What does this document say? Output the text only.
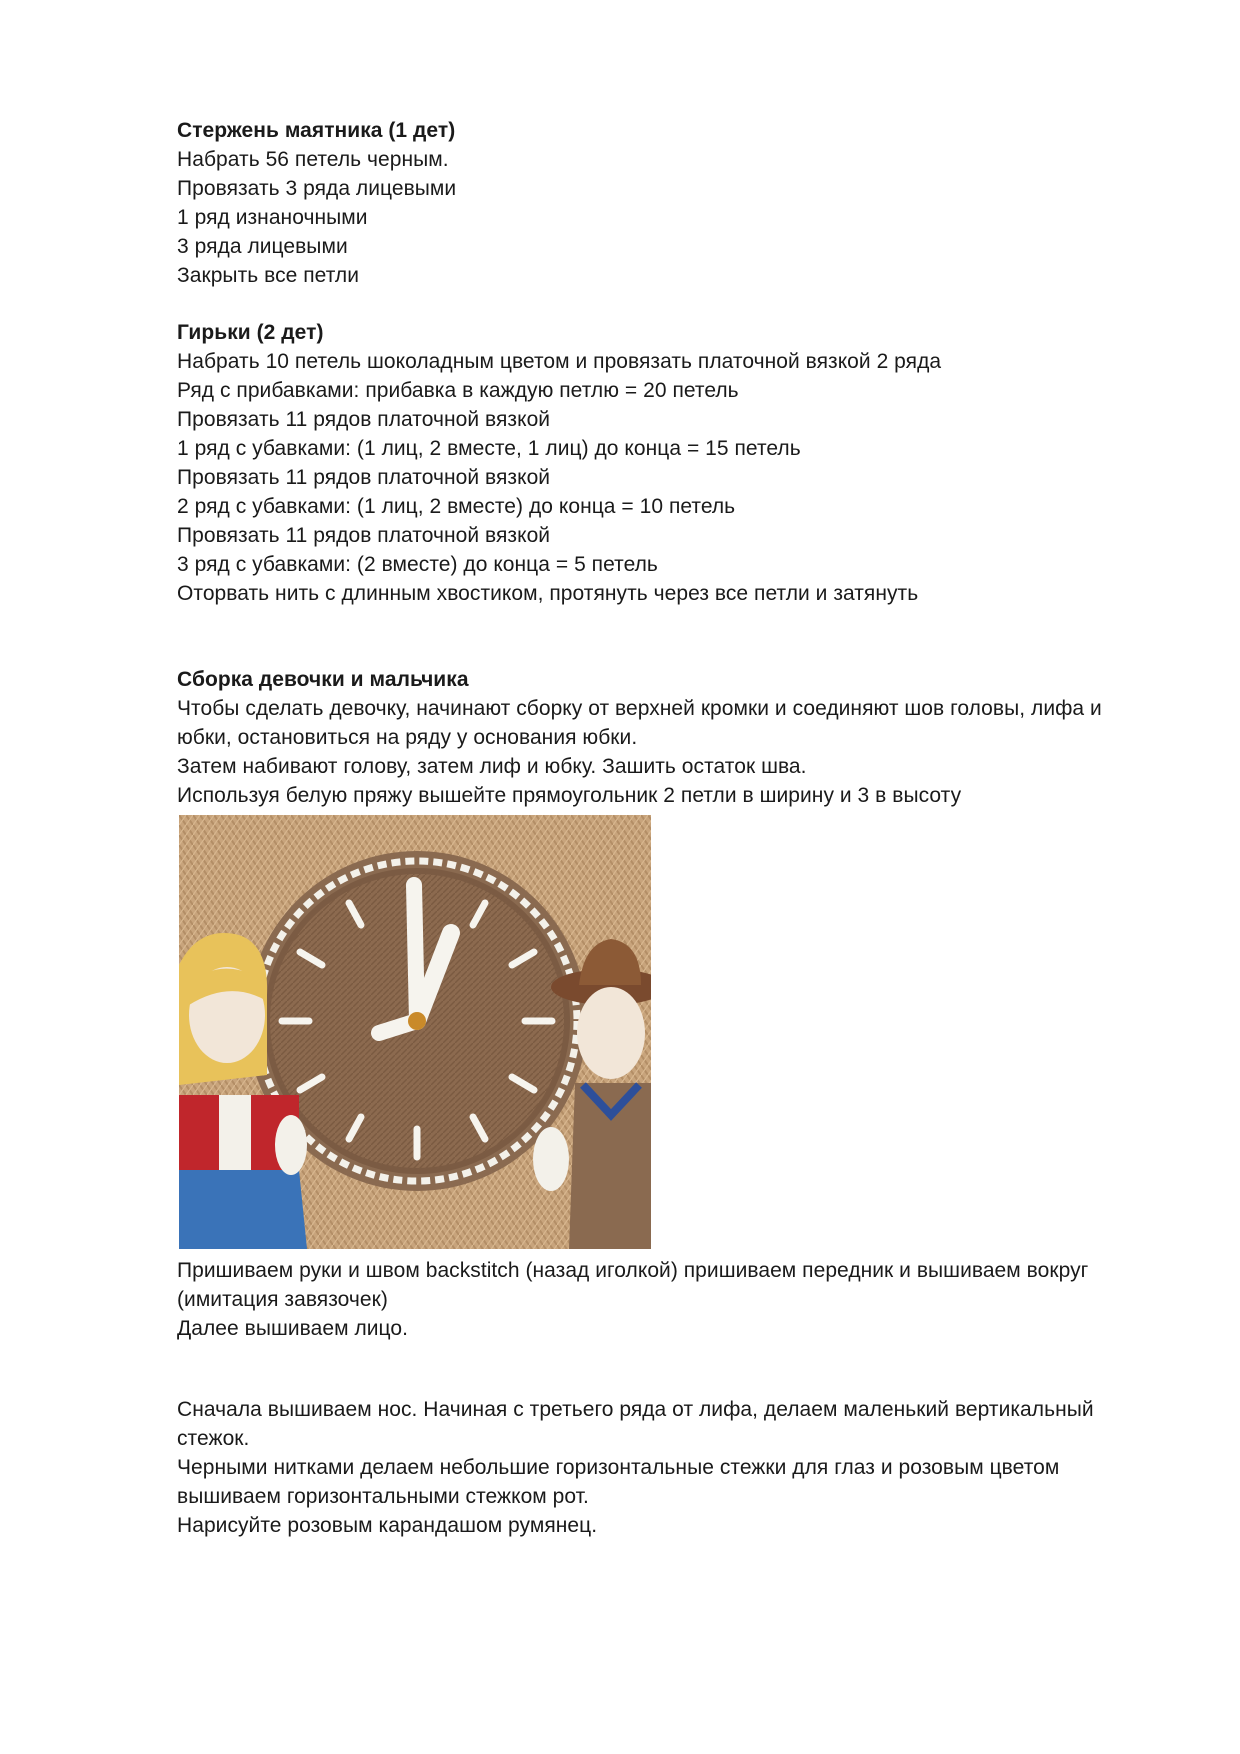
Стержень маятника (1 дет)
Набрать 56 петель черным.
Провязать 3 ряда лицевыми
1 ряд изнаночными
3 ряда лицевыми
Закрыть все петли
Гирьки (2 дет)
Набрать 10 петель шоколадным цветом и провязать платочной вязкой 2 ряда
Ряд с прибавками: прибавка в каждую петлю = 20 петель
Провязать 11 рядов платочной вязкой
1 ряд с убавками: (1 лиц, 2 вместе, 1 лиц) до конца = 15 петель
Провязать 11 рядов платочной вязкой
2 ряд с убавками: (1 лиц, 2 вместе) до конца = 10 петель
Провязать 11 рядов платочной вязкой
3 ряд с убавками: (2 вместе) до конца = 5 петель
Оторвать нить с длинным хвостиком, протянуть через все петли и затянуть
Сборка девочки и мальчика
Чтобы сделать девочку, начинают сборку от верхней кромки и соединяют шов головы, лифа и
юбки, остановиться на ряду у основания юбки.
Затем набивают голову, затем лиф и юбку. Зашить остаток шва.
Используя белую пряжу вышейте прямоугольник 2 петли в ширину и 3 в высоту
Пришиваем руки и швом backstitch (назад иголкой) пришиваем передник и вышиваем вокруг
(имитация завязочек)
Далее вышиваем лицо.
Сначала вышиваем нос. Начиная с третьего ряда от лифа, делаем маленький вертикальный
стежок.
Черными нитками делаем небольшие горизонтальные стежки для глаз и розовым цветом
вышиваем горизонтальными стежком рот.
Нарисуйте розовым карандашом румянец.
